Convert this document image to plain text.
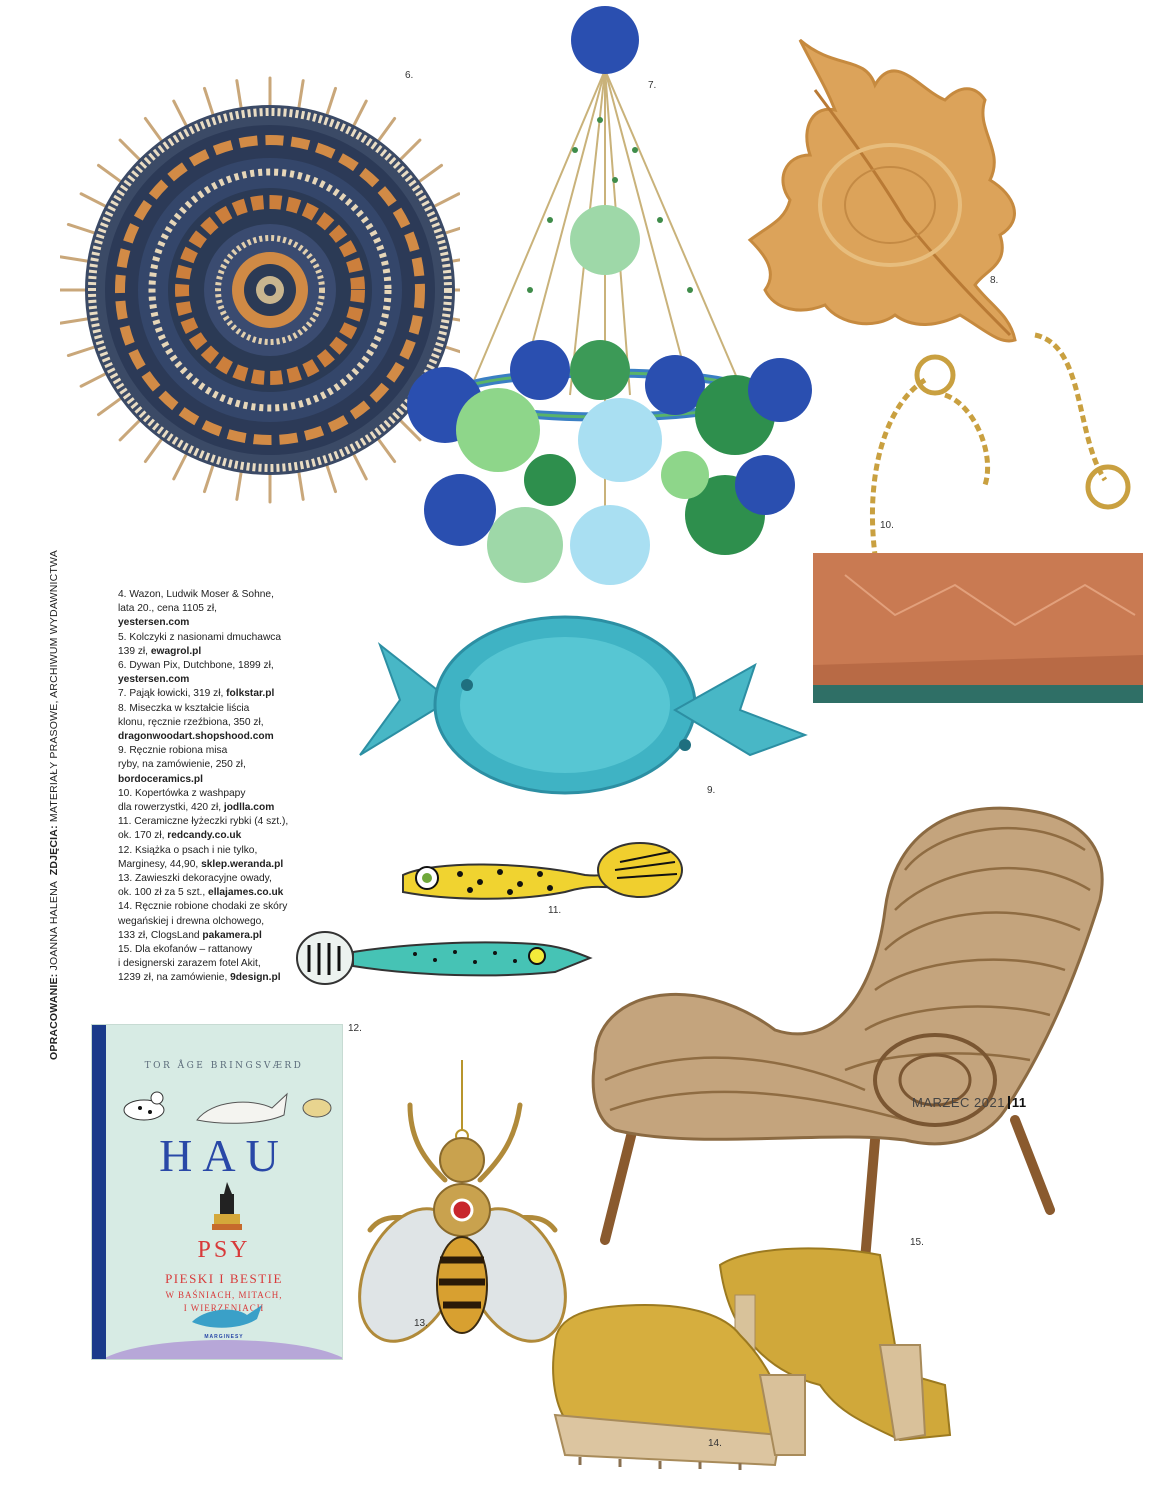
OPRACOWANIE: JOANNA HALENA  ZDJĘCIA: MATERIAŁY PRASOWE, ARCHIWUM WYDAWNICTWA
6.
7.
8.
10.
4. Wazon, Ludwik Moser & Sohne,
lata 20., cena 1105 zł,
yestersen.com
5. Kolczyki z nasionami dmuchawca
139 zł, ewagrol.pl
6. Dywan Pix, Dutchbone, 1899 zł,
yestersen.com
7. Pająk łowicki, 319 zł, folkstar.pl
8. Miseczka w kształcie liścia
klonu, ręcznie rzeźbiona, 350 zł,
dragonwoodart.shopshood.com
9. Ręcznie robiona misa
ryby, na zamówienie, 250 zł,
bordoceramics.pl
10. Kopertówka z washpapy
dla rowerzystki, 420 zł, jodlla.com
11. Ceramiczne łyżeczki rybki (4 szt.),
ok. 170 zł, redcandy.co.uk
12. Książka o psach i nie tylko,
Marginesy, 44,90, sklep.weranda.pl
13. Zawieszki dekoracyjne owady,
ok. 100 zł za 5 szt., ellajames.co.uk
14. Ręcznie robione chodaki ze skóry
wegańskiej i drewna olchowego,
133 zł, ClogsLand pakamera.pl
15. Dla ekofanów – rattanowy
i designerski zarazem fotel Akit,
1239 zł, na zamówienie, 9design.pl
9.
11.
15.
TOR ÅGE BRINGSVÆRD
HAU
PSY
PIESKI I BESTIE
W BAŚNIACH, MITACH,
I WIERZENIACH
MARGINESY
12.
13.
14.
MARZEC 2021 11
